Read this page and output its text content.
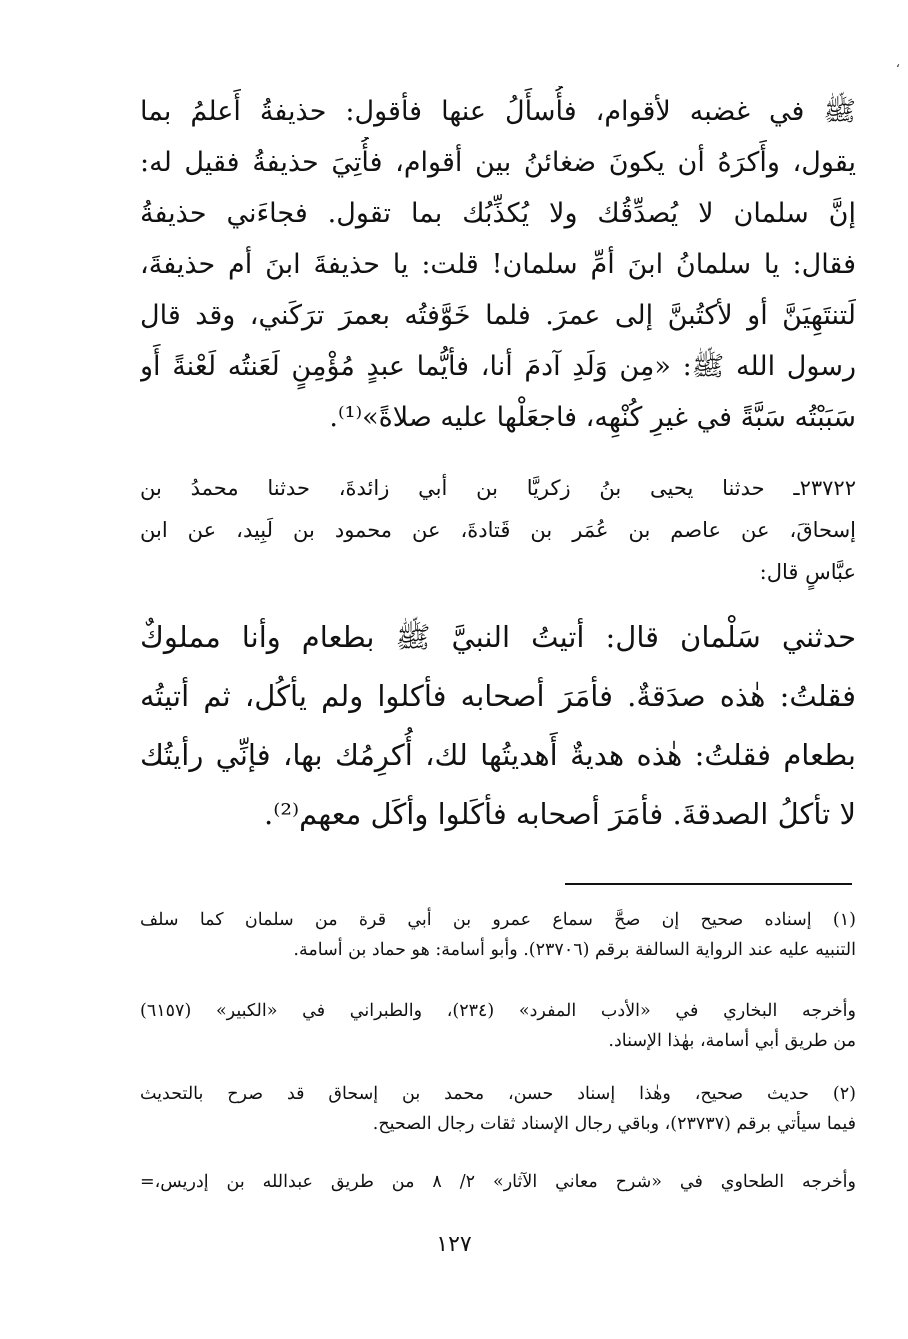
ʻ
ﷺ في غضبه لأقوام، فأُسأَلُ عنها فأقول: حذيفةُ أَعلمُ بما
يقول، وأَكرَهُ أن يكونَ ضغائنُ بين أقوام، فأُتِيَ حذيفةُ فقيل له:
إنَّ سلمان لا يُصدِّقُك ولا يُكذِّبُك بما تقول. فجاءَني حذيفةُ
فقال: يا سلمانُ ابنَ أمِّ سلمان! قلت: يا حذيفةَ ابنَ أم حذيفةَ،
لَتنتَهِيَنَّ أو لأكتُبنَّ إلى عمرَ. فلما خَوَّفتُه بعمرَ ترَكَني، وقد قال
رسول الله ﷺ: «مِن وَلَدِ آدمَ أنا، فأيُّما عبدٍ مُؤْمِنٍ لَعَنتُه لَعْنةً أَو
سَبَبْتُه سَبَّةً في غيرِ كُنْهِه، فاجعَلْها عليه صلاةً»⁽¹⁾.
٢٣٧٢٢ـ حدثنا يحيى بنُ زكريَّا بن أبي زائدةَ، حدثنا محمدُ بن
إسحاقَ، عن عاصم بن عُمَر بن قَتادةَ، عن محمود بن لَبِيد، عن ابن
عبَّاسٍ قال:
حدثني سَلْمان قال: أتيتُ النبيَّ ﷺ بطعام وأنا مملوكٌ
فقلتُ: هٰذه صدَقةٌ. فأمَرَ أصحابه فأكلوا ولم يأكُل، ثم أتيتُه
بطعام فقلتُ: هٰذه هديةٌ أَهديتُها لك، أُكرِمُك بها، فإنِّي رأيتُك
لا تأكلُ الصدقةَ. فأمَرَ أصحابه فأكَلوا وأكَل معهم⁽²⁾.
(١) إسناده صحيح إن صحَّ سماع عمرو بن أبي قرة من سلمان كما سلف
التنبيه عليه عند الرواية السالفة برقم (٢٣٧٠٦). وأبو أسامة: هو حماد بن أسامة.
وأخرجه البخاري في «الأدب المفرد» (٢٣٤)، والطبراني في «الكبير» (٦١٥٧)
من طريق أبي أسامة، بهٰذا الإسناد.
(٢) حديث صحيح، وهٰذا إسناد حسن، محمد بن إسحاق قد صرح بالتحديث
فيما سيأتي برقم (٢٣٧٣٧)، وباقي رجال الإسناد ثقات رجال الصحيح.
وأخرجه الطحاوي في «شرح معاني الآثار» ٢/ ٨ من طريق عبدالله بن إدريس،=
١٢٧
